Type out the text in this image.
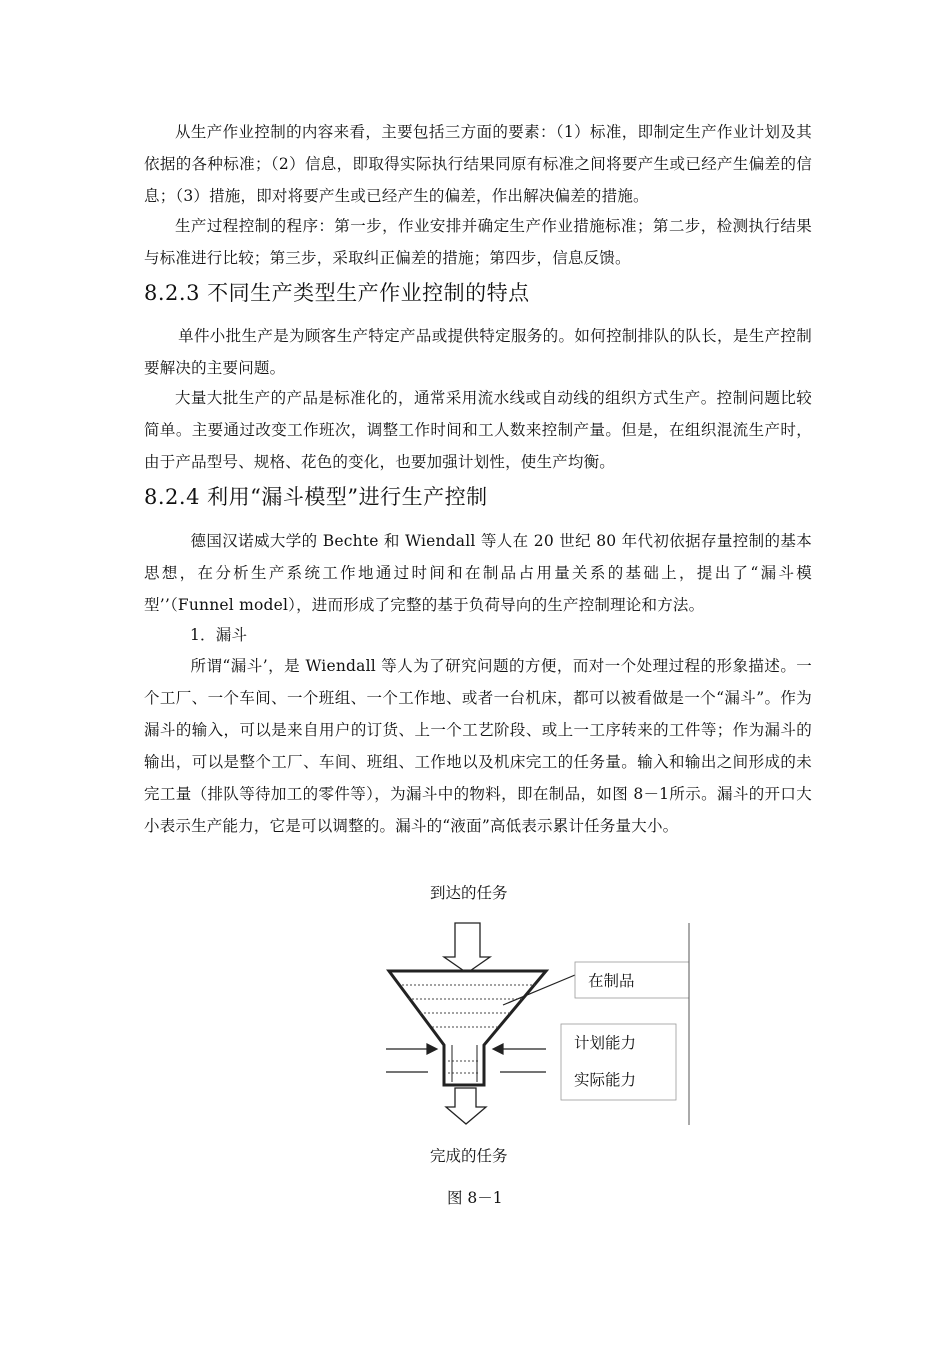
从生产作业控制的内容来看，主要包括三方面的要素：（1）标准，即制定生产作业计划及其依据的各种标准；（2）信息，即取得实际执行结果同原有标准之间将要产生或已经产生偏差的信息；（3）措施，即对将要产生或已经产生的偏差，作出解决偏差的措施。
生产过程控制的程序：第一步，作业安排并确定生产作业措施标准；第二步，检测执行结果与标准进行比较；第三步，采取纠正偏差的措施；第四步，信息反馈。
8.2.3 不同生产类型生产作业控制的特点
单件小批生产是为顾客生产特定产品或提供特定服务的。如何控制排队的队长，是生产控制要解决的主要问题。
大量大批生产的产品是标准化的，通常采用流水线或自动线的组织方式生产。控制问题比较简单。主要通过改变工作班次，调整工作时间和工人数来控制产量。但是，在组织混流生产时，由于产品型号、规格、花色的变化，也要加强计划性，使生产均衡。
8.2.4 利用“漏斗模型”进行生产控制
德国汉诺威大学的 Bechte 和 Wiendall 等人在 20 世纪 80 年代初依据存量控制的基本思想，在分析生产系统工作地通过时间和在制品占用量关系的基础上，提出了“漏斗模型’’（Funnel model），进而形成了完整的基于负荷导向的生产控制理论和方法。
1．漏斗
所谓“漏斗’，是 Wiendall 等人为了研究问题的方便，而对一个处理过程的形象描述。一个工厂、一个车间、一个班组、一个工作地、或者一台机床，都可以被看做是一个“漏斗”。作为漏斗的输入，可以是来自用户的订货、上一个工艺阶段、或上一工序转来的工件等；作为漏斗的输出，可以是整个工厂、车间、班组、工作地以及机床完工的任务量。输入和输出之间形成的未完工量（排队等待加工的零件等），为漏斗中的物料，即在制品，如图 8－1所示。漏斗的开口大小表示生产能力，它是可以调整的。漏斗的“液面”高低表示累计任务量大小。
到达的任务
在制品
计划能力
实际能力
完成的任务
图 8－1
